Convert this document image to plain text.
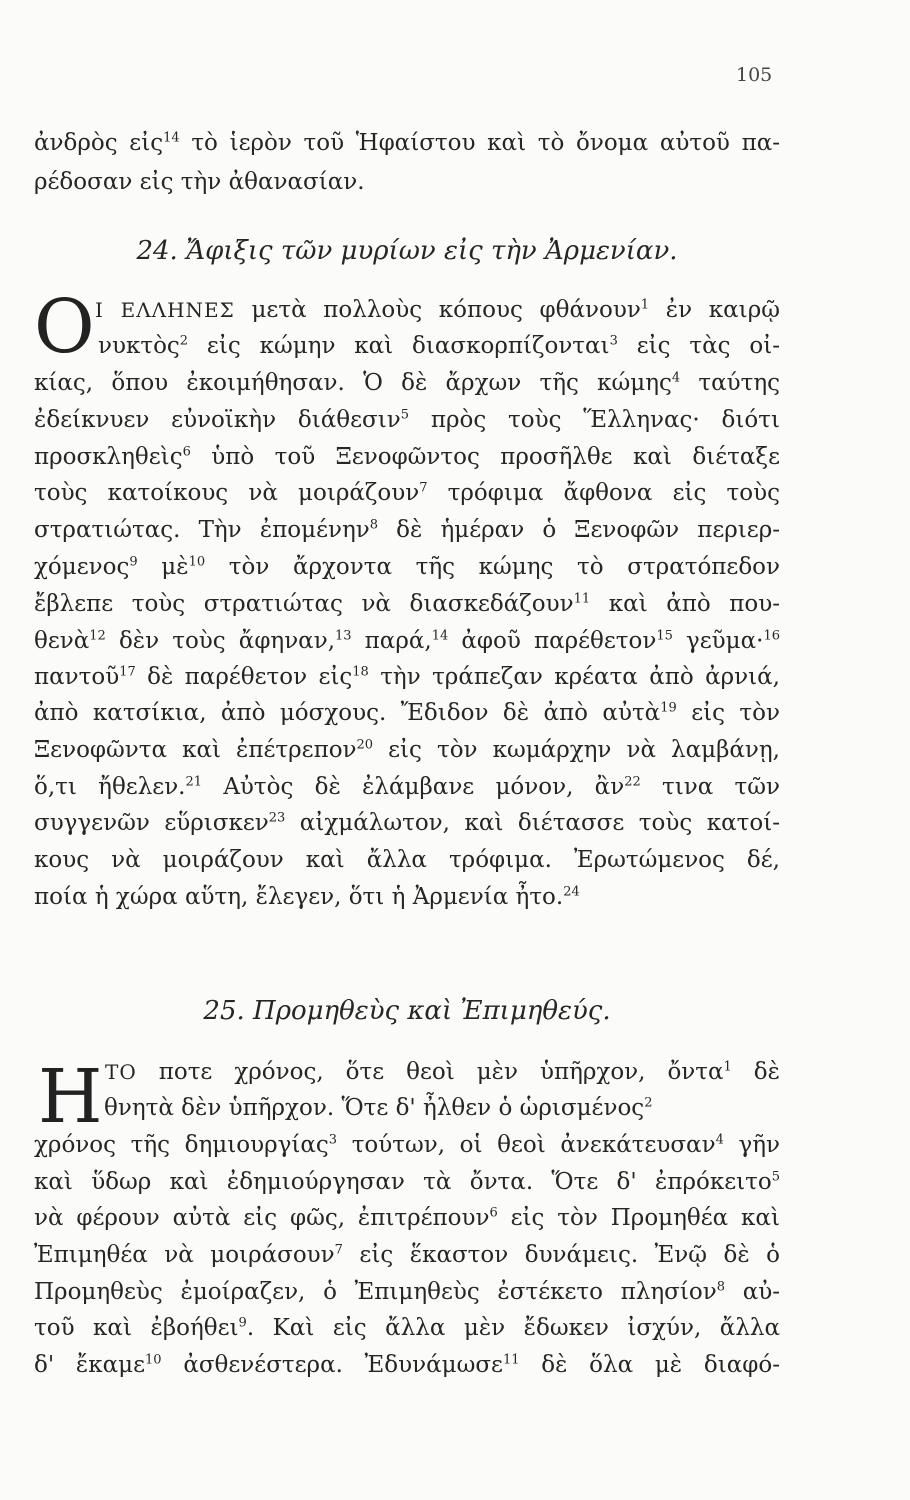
105
ἀνδρὸς εἰς$^{14}$ τὸ ἱερὸν τοῦ Ἡφαίστου καὶ τὸ ὄνομα αὐτοῦ πα-
ρέδοσαν εἰς τὴν ἀθανασίαν.
24. Ἄφιξις τῶν μυρίων εἰς τὴν Ἀρμενίαν.
Ο Ι ΕΛΛΗΝΕΣ μετὰ πολλοὺς κόπους φθάνουν$^1$ ἐν καιρῷ
νυκτὸς$^2$ εἰς κώμην καὶ διασκορπίζονται$^3$ εἰς τὰς οἰ-
κίας, ὅπου ἐκοιμήθησαν. Ὁ δὲ ἄρχων τῆς κώμης$^4$ ταύτης
ἐδείκνυεν εὐνοϊκὴν διάθεσιν$^5$ πρὸς τοὺς Ἕλληνας· διότι
προσκληθεὶς$^6$ ὑπὸ τοῦ Ξενοφῶντος προσῆλθε καὶ διέταξε
τοὺς κατοίκους νὰ μοιράζουν$^7$ τρόφιμα ἄφθονα εἰς τοὺς
στρατιώτας. Τὴν ἐπομένην$^8$ δὲ ἡμέραν ὁ Ξενοφῶν περιερ-
χόμενος$^9$ μὲ$^{10}$ τὸν ἄρχοντα τῆς κώμης τὸ στρατόπεδον
ἔβλεπε τοὺς στρατιώτας νὰ διασκεδάζουν$^{11}$ καὶ ἀπὸ που-
θενὰ$^{12}$ δὲν τοὺς ἄφηναν,$^{13}$ παρά,$^{14}$ ἀφοῦ παρέθετον$^{15}$ γεῦμα·$^{16}$
παντοῦ$^{17}$ δὲ παρέθετον εἰς$^{18}$ τὴν τράπεζαν κρέατα ἀπὸ ἀρνιά,
ἀπὸ κατσίκια, ἀπὸ μόσχους. Ἔδιδον δὲ ἀπὸ αὐτὰ$^{19}$ εἰς τὸν
Ξενοφῶντα καὶ ἐπέτρεπον$^{20}$ εἰς τὸν κωμάρχην νὰ λαμβάνῃ,
ὅ,τι ἤθελεν.$^{21}$ Αὐτὸς δὲ ἐλάμβανε μόνον, ἂν$^{22}$ τινα τῶν
συγγενῶν εὕρισκεν$^{23}$ αἰχμάλωτον, καὶ διέτασσε τοὺς κατοί-
κους νὰ μοιράζουν καὶ ἄλλα τρόφιμα. Ἐρωτώμενος δέ,
ποία ἡ χώρα αὕτη, ἔλεγεν, ὅτι ἡ Ἀρμενία ἦτο.$^{24}$
25. Προμηθεὺς καὶ Ἐπιμηθεύς.
Η ΤΟ ποτε χρόνος, ὅτε θεοὶ μὲν ὑπῆρχον, ὄντα$^1$ δὲ
θνητὰ δὲν ὑπῆρχον. Ὅτε δ' ἦλθεν ὁ ὡρισμένος$^2$
χρόνος τῆς δημιουργίας$^3$ τούτων, οἱ θεοὶ ἀνεκάτευσαν$^4$ γῆν
καὶ ὕδωρ καὶ ἐδημιούργησαν τὰ ὄντα. Ὅτε δ' ἐπρόκειτο$^5$
νὰ φέρουν αὐτὰ εἰς φῶς, ἐπιτρέπουν$^6$ εἰς τὸν Προμηθέα καὶ
Ἐπιμηθέα νὰ μοιράσουν$^7$ εἰς ἕκαστον δυνάμεις. Ἐνῷ δὲ ὁ
Προμηθεὺς ἐμοίραζεν, ὁ Ἐπιμηθεὺς ἐστέκετο πλησίον$^8$ αὐ-
τοῦ καὶ ἐβοήθει$^9$. Καὶ εἰς ἄλλα μὲν ἔδωκεν ἰσχύν, ἄλλα
δ' ἔκαμε$^{10}$ ἀσθενέστερα. Ἐδυνάμωσε$^{11}$ δὲ ὅλα μὲ διαφό-
